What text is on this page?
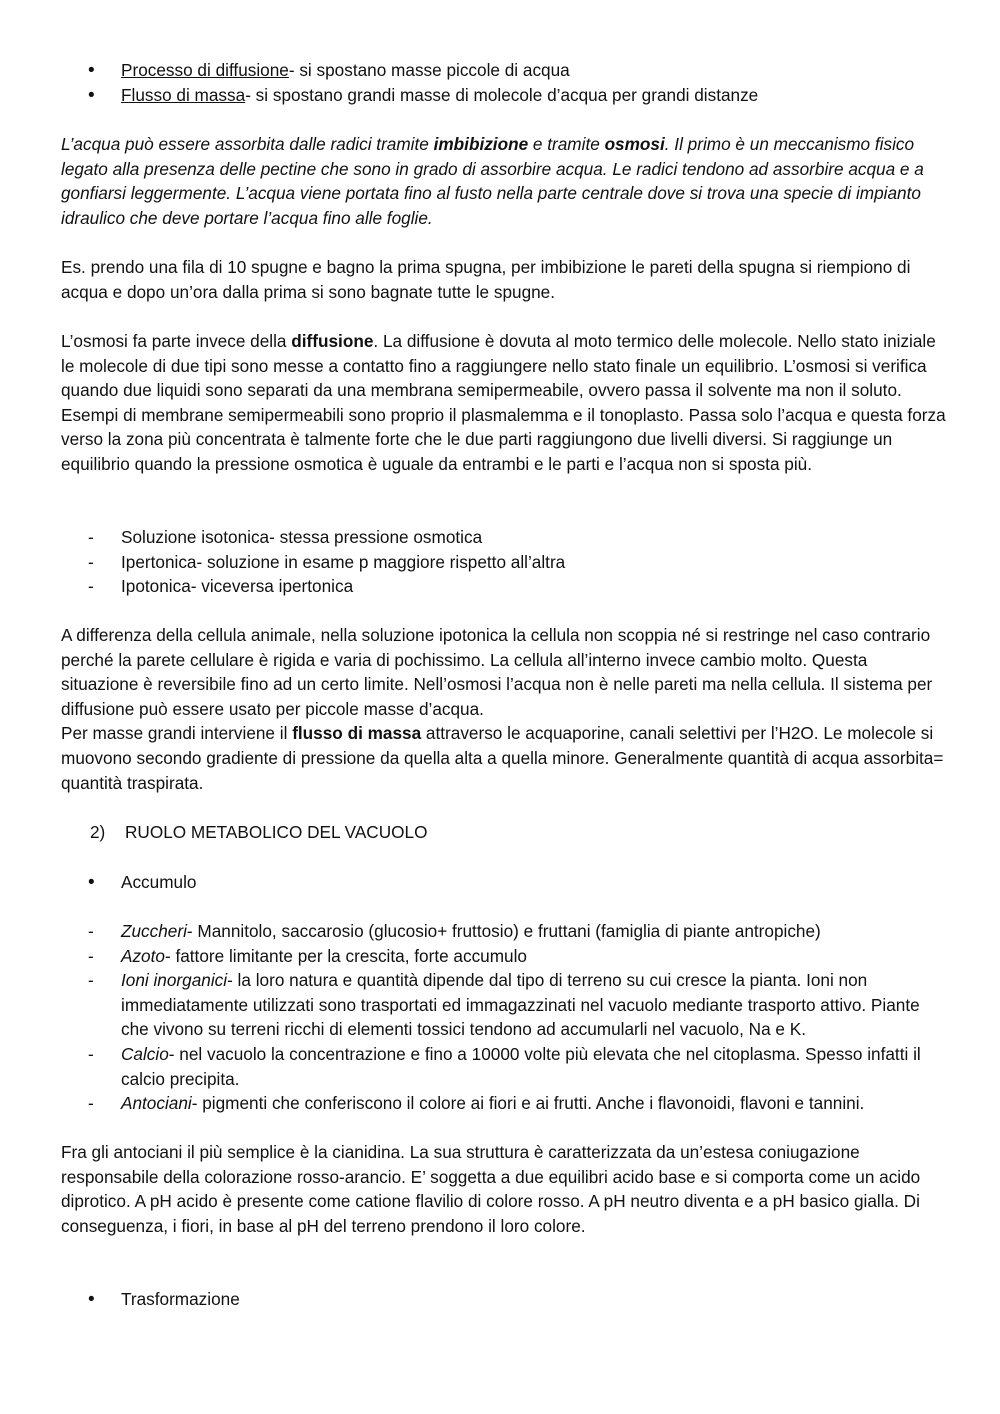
•
Processo di diffusione- si spostano masse piccole di acqua
•
Flusso di massa- si spostano grandi masse di molecole d’acqua per grandi distanze

L’acqua può essere assorbita dalle radici tramite imbibizione e tramite osmosi. Il primo è un meccanismo fisico legato alla presenza delle pectine che sono in grado di assorbire acqua. Le radici tendono ad assorbire acqua e a gonfiarsi leggermente. L’acqua viene portata fino al fusto nella parte centrale dove si trova una specie di impianto idraulico che deve portare l’acqua fino alle foglie.

Es. prendo una fila di 10 spugne e bagno la prima spugna, per imbibizione le pareti della spugna si riempiono di acqua e dopo un’ora dalla prima si sono bagnate tutte le spugne.

L’osmosi fa parte invece della diffusione. La diffusione è dovuta al moto termico delle molecole. Nello stato iniziale le molecole di due tipi sono messe a contatto fino a raggiungere nello stato finale un equilibrio. L’osmosi si verifica quando due liquidi sono separati da una membrana semipermeabile, ovvero passa il solvente ma non il soluto. Esempi di membrane semipermeabili sono proprio il plasmalemma e il tonoplasto. Passa solo l’acqua e questa forza verso la zona più concentrata è talmente forte che le due parti raggiungono due livelli diversi. Si raggiunge un equilibrio quando la pressione osmotica è uguale da entrambi e le parti e l’acqua non si sposta più.

- Soluzione isotonica- stessa pressione osmotica
- Ipertonica- soluzione in esame p maggiore rispetto all’altra
- Ipotonica- viceversa ipertonica
A differenza della cellula animale, nella soluzione ipotonica la cellula non scoppia né si restringe nel caso contrario perché la parete cellulare è rigida e varia di pochissimo. La cellula all’interno invece cambio molto. Questa situazione è reversibile fino ad un certo limite. Nell’osmosi l’acqua non è nelle pareti ma nella cellula. Il sistema per diffusione può essere usato per piccole masse d’acqua.
Per masse grandi interviene il flusso di massa attraverso le acquaporine, canali selettivi per l’H2O. Le molecole si muovono secondo gradiente di pressione da quella alta a quella minore. Generalmente quantità di acqua assorbita= quantità traspirata.
2) RUOLO METABOLICO DEL VACUOLO
•
Accumulo
- Zuccheri- Mannitolo, saccarosio (glucosio+ fruttosio) e fruttani (famiglia di piante antropiche)
- Azoto- fattore limitante per la crescita, forte accumulo
- Ioni inorganici- la loro natura e quantità dipende dal tipo di terreno su cui cresce la pianta. Ioni non immediatamente utilizzati sono trasportati ed immagazzinati nel vacuolo mediante trasporto attivo. Piante che vivono su terreni ricchi di elementi tossici tendono ad accumularli nel vacuolo, Na e K.
- Calcio- nel vacuolo la concentrazione e fino a 10000 volte più elevata che nel citoplasma. Spesso infatti il calcio precipita.
- Antociani- pigmenti che conferiscono il colore ai fiori e ai frutti. Anche i flavonoidi, flavoni e tannini.

Fra gli antociani il più semplice è la cianidina. La sua struttura è caratterizzata da un’estesa coniugazione responsabile della colorazione rosso-arancio. E’ soggetta a due equilibri acido base e si comporta come un acido diprotico. A pH acido è presente come catione flavilio di colore rosso. A pH neutro diventa e a pH basico gialla. Di conseguenza, i fiori, in base al pH del terreno prendono il loro colore.

•
Trasformazione
